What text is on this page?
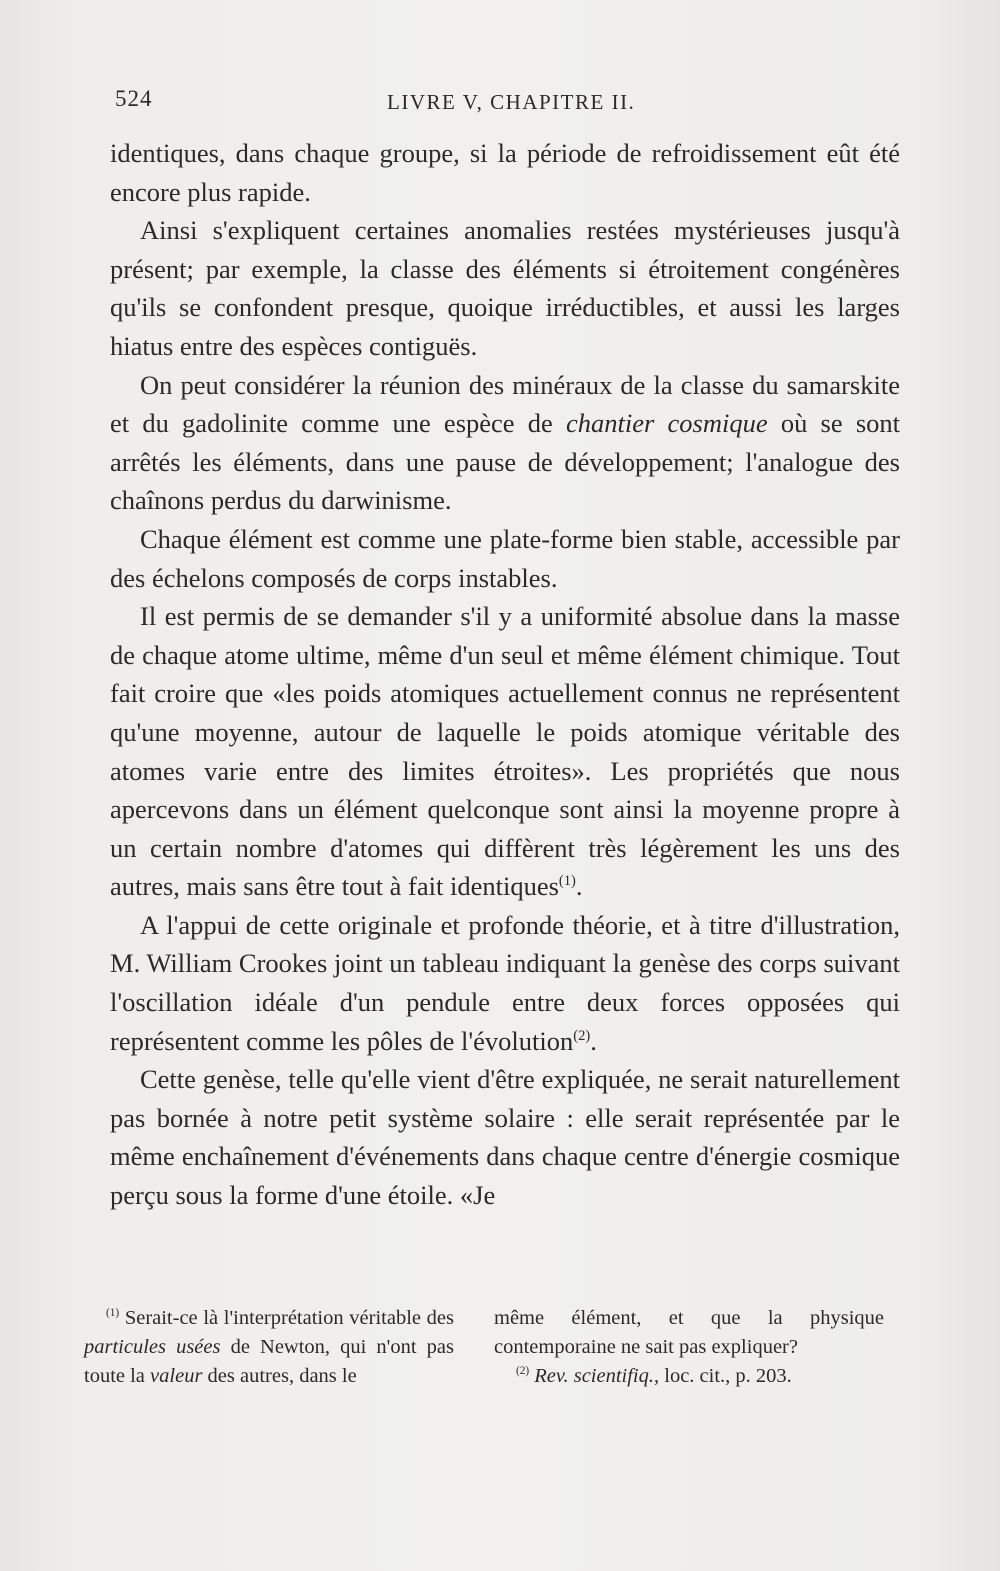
524	LIVRE V, CHAPITRE II.

identiques, dans chaque groupe, si la période de refroidissement eût été encore plus rapide.

Ainsi s'expliquent certaines anomalies restées mystérieuses jusqu'à présent; par exemple, la classe des éléments si étroitement congénères qu'ils se confondent presque, quoique irréductibles, et aussi les larges hiatus entre des espèces contiguës.

On peut considérer la réunion des minéraux de la classe du samarskite et du gadolinite comme une espèce de chantier cosmique où se sont arrêtés les éléments, dans une pause de développement; l'analogue des chaînons perdus du darwinisme.

Chaque élément est comme une plate-forme bien stable, accessible par des échelons composés de corps instables.

Il est permis de se demander s'il y a uniformité absolue dans la masse de chaque atome ultime, même d'un seul et même élément chimique. Tout fait croire que «les poids atomiques actuellement connus ne représentent qu'une moyenne, autour de laquelle le poids atomique véritable des atomes varie entre des limites étroites». Les propriétés que nous apercevons dans un élément quelconque sont ainsi la moyenne propre à un certain nombre d'atomes qui diffèrent très légèrement les uns des autres, mais sans être tout à fait identiques$^{(1)}$.

A l'appui de cette originale et profonde théorie, et à titre d'illustration, M. William Crookes joint un tableau indiquant la genèse des corps suivant l'oscillation idéale d'un pendule entre deux forces opposées qui représentent comme les pôles de l'évolution$^{(2)}$.

Cette genèse, telle qu'elle vient d'être expliquée, ne serait naturellement pas bornée à notre petit système solaire : elle serait représentée par le même enchaînement d'événements dans chaque centre d'énergie cosmique perçu sous la forme d'une étoile. «Je

$^{(1)}$ Serait-ce là l'interprétation véritable des particules usées de Newton, qui n'ont pas toute la valeur des autres, dans le

même élément, et que la physique contemporaine ne sait pas expliquer?

$^{(2)}$ Rev. scientifiq., loc. cit., p. 203.
